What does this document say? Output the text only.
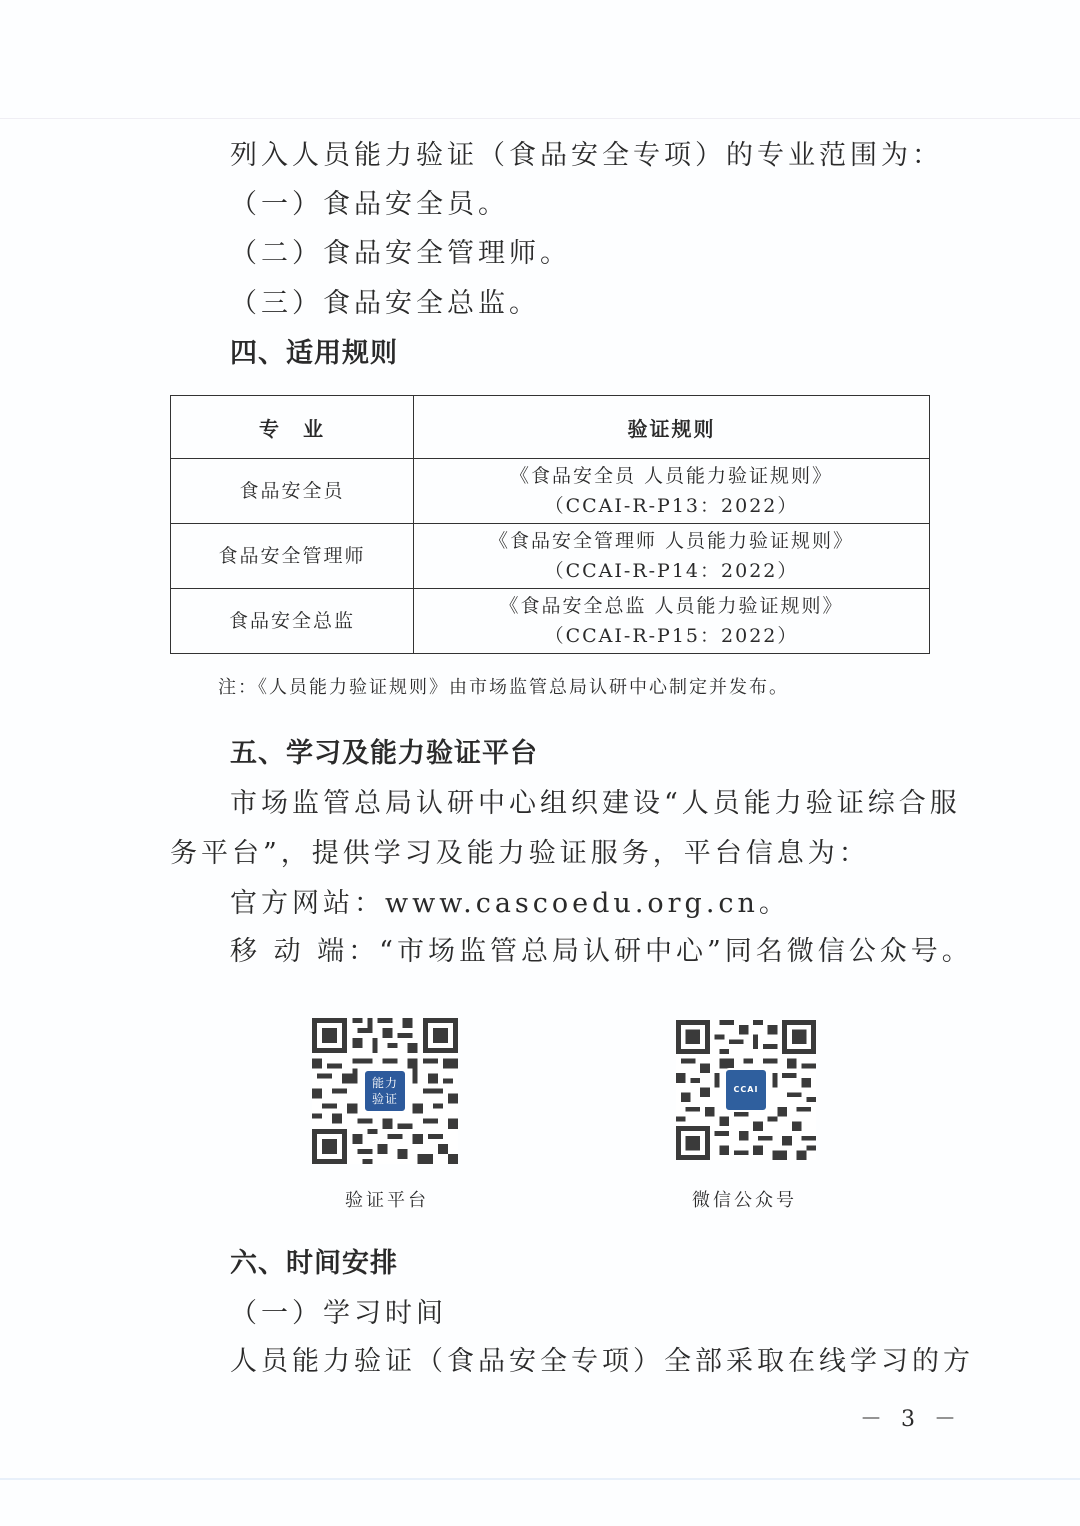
列入人员能力验证（食品安全专项）的专业范围为：
（一）食品安全员。
（二）食品安全管理师。
（三）食品安全总监。
四、适用规则
专　业	验证规则
食品安全员	《食品安全员 人员能力验证规则》
（CCAI-R-P13：2022）

食品安全管理师	《食品安全管理师 人员能力验证规则》
（CCAI-R-P14：2022）

食品安全总监	《食品安全总监 人员能力验证规则》
（CCAI-R-P15：2022）
注：《人员能力验证规则》由市场监管总局认研中心制定并发布。
五、学习及能力验证平台
市场监管总局认研中心组织建设“人员能力验证综合服
务平台”，提供学习及能力验证服务，平台信息为：
官方网站：www.cascoedu.org.cn。
移 动 端：“市场监管总局认研中心”同名微信公众号。
能力
验证
验证平台
CCAI
微信公众号
六、时间安排
（一）学习时间
人员能力验证（食品安全专项）全部采取在线学习的方
－ 3 －
